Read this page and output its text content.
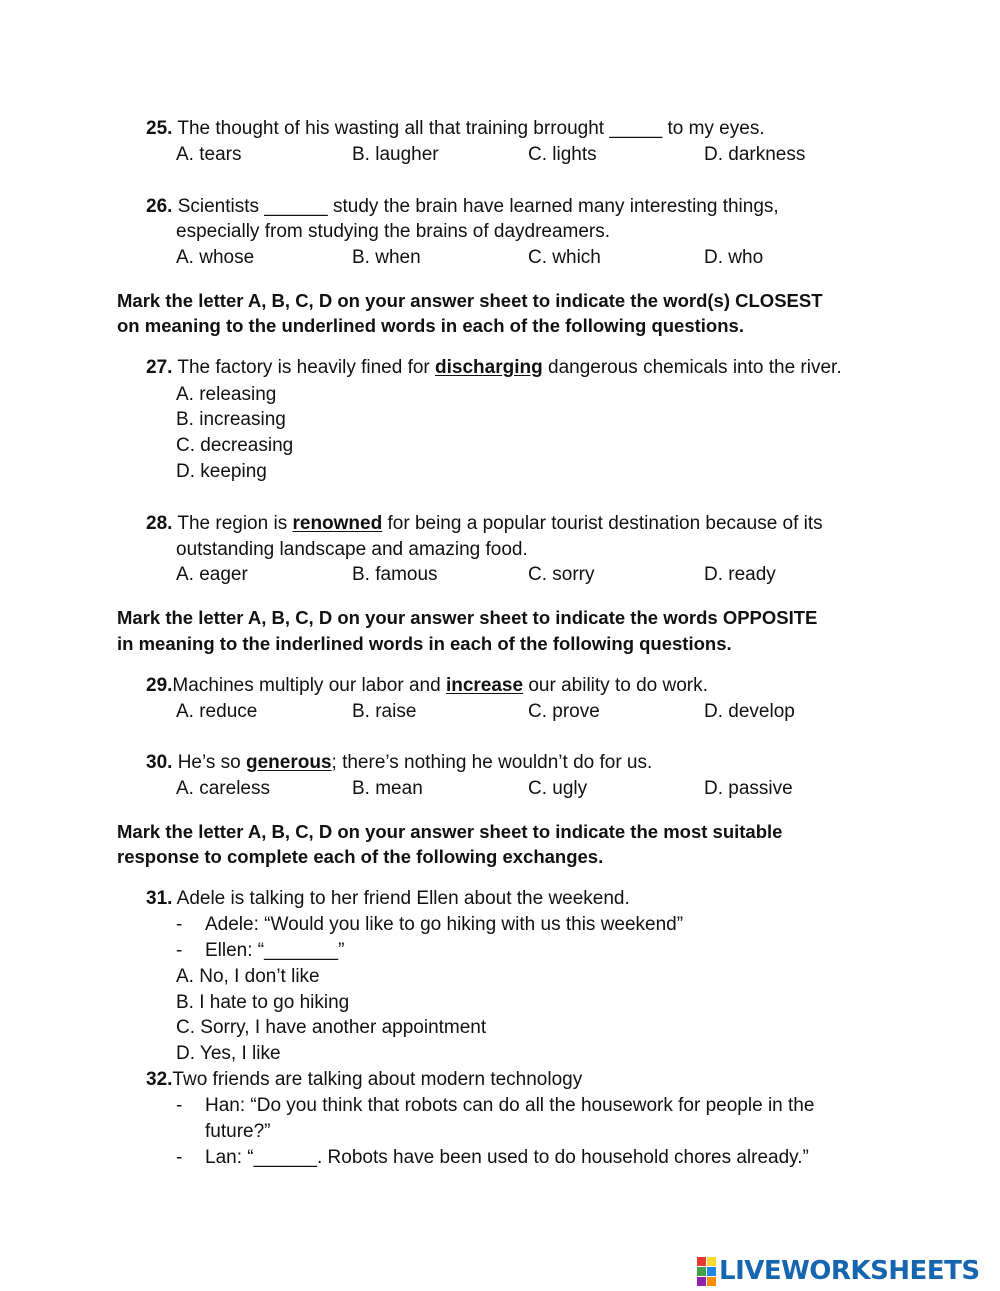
25. The thought of his wasting all that training brrought _____ to my eyes.
A. tears	B. laugher	C. lights	D. darkness
26. Scientists ______ study the brain have learned many interesting things,
especially from studying the brains of daydreamers.
A. whose	B. when	C. which	D. who
Mark the letter A, B, C, D on your answer sheet to indicate the word(s) CLOSEST
on meaning to the underlined words in each of the following questions.
27. The factory is heavily fined for discharging dangerous chemicals into the river.
A. releasing
B. increasing
C. decreasing
D. keeping
28. The region is renowned for being a popular tourist destination because of its
outstanding landscape and amazing food.
A. eager	B. famous	C. sorry	D. ready
Mark the letter A, B, C, D on your answer sheet to indicate the words OPPOSITE
in meaning to the inderlined words in each of the following questions.
29.Machines multiply our labor and increase our ability to do work.
A. reduce	B. raise	C. prove	D. develop
30. He’s so generous; there’s nothing he wouldn’t do for us.
A. careless	B. mean	C. ugly	D. passive
Mark the letter A, B, C, D on your answer sheet to indicate the most suitable
response to complete each of the following exchanges.
31. Adele is talking to her friend Ellen about the weekend.
- Adele: “Would you like to go hiking with us this weekend”
- Ellen: “_______”
A. No, I don’t like
B. I hate to go hiking
C. Sorry, I have another appointment
D. Yes, I like
32.Two friends are talking about modern technology
- Han: “Do you think that robots can do all the housework for people in the
future?”
- Lan: “______. Robots have been used to do household chores already.”
LIVEWORKSHEETS
